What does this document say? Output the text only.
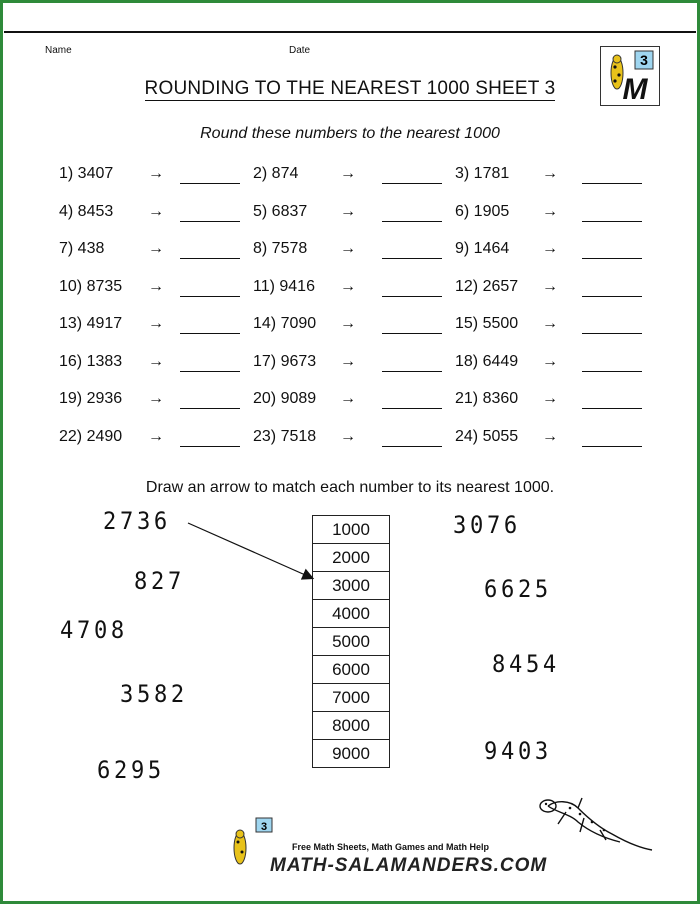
Name	Date
ROUNDING TO THE NEAREST 1000 SHEET 3
3
M
Round these numbers to the nearest 1000
1) 3407 →	2) 874	→	3) 1781 →
4) 8453 →	5) 6837 →	6) 1905 →
7) 438	→	8) 7578 →	9) 1464 →
10) 8735 →	11) 9416 →	12) 2657 →
13) 4917 →	14) 7090 →	15) 5500 →
16) 1383 →	17) 9673 →	18) 6449 →
19) 2936 →	20) 9089 →	21) 8360 →
22) 2490 →	23) 7518 →	24) 5055 →
Draw an arrow to match each number to its nearest 1000.
2736
827
4708
3582
6295
3076
6625
8454
9403
1000
2000
3000
4000
5000
6000
7000
8000
9000
3
Free Math Sheets, Math Games and Math Help
MATH-SALAMANDERS.COM
